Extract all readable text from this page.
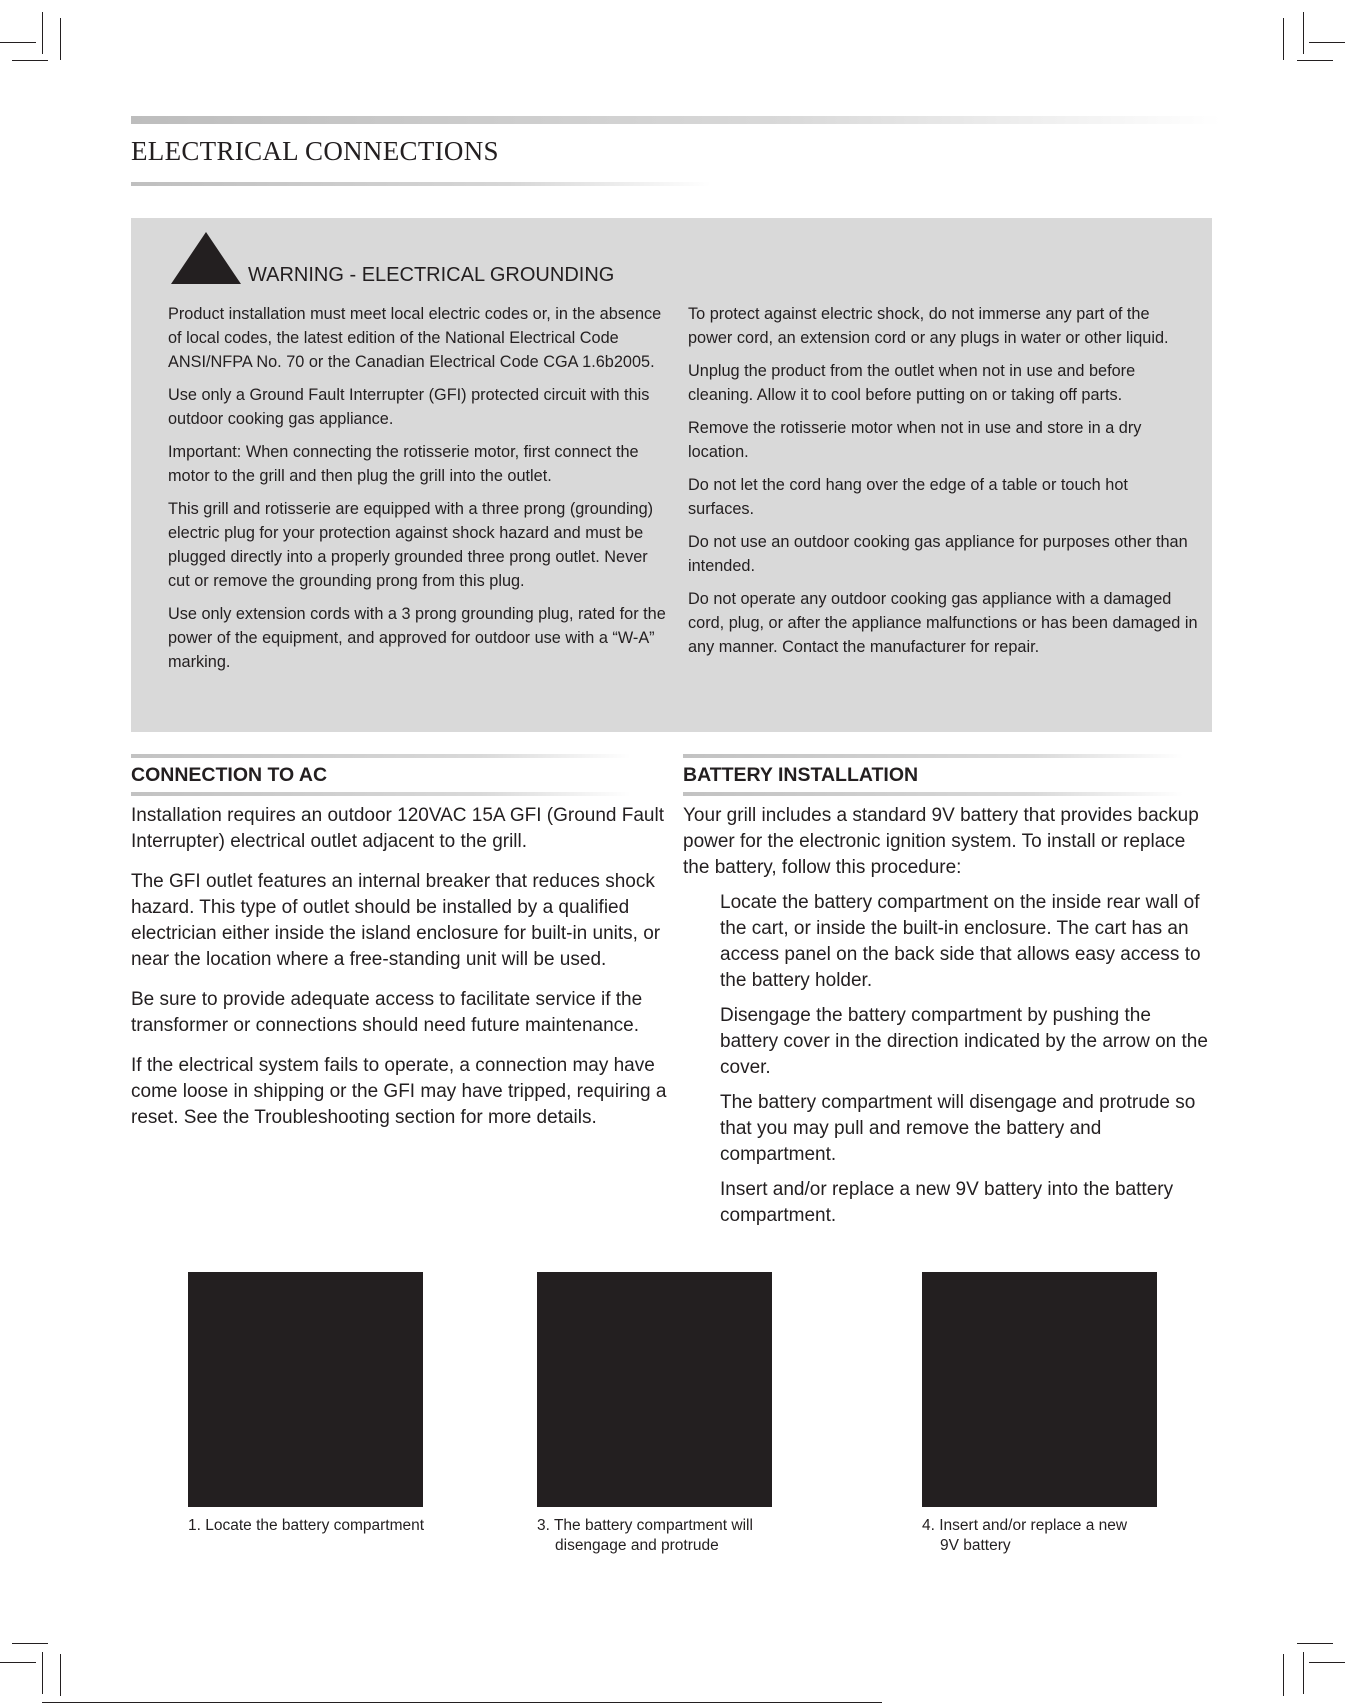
ELECTRICAL CONNECTIONS
WARNING - ELECTRICAL GROUNDING

Product installation must meet local electric codes or, in the absence of local codes, the latest edition of the National Electrical Code ANSI/NFPA No. 70 or the Canadian Electrical Code CGA 1.6b2005.

Use only a Ground Fault Interrupter (GFI) protected circuit with this outdoor cooking gas appliance.

Important: When connecting the rotisserie motor, first connect the motor to the grill and then plug the grill into the outlet.

This grill and rotisserie are equipped with a three prong (grounding) electric plug for your protection against shock hazard and must be plugged directly into a properly grounded three prong outlet. Never cut or remove the grounding prong from this plug.

Use only extension cords with a 3 prong grounding plug, rated for the power of the equipment, and approved for outdoor use with a “W-A” marking.

To protect against electric shock, do not immerse any part of the power cord, an extension cord or any plugs in water or other liquid.

Unplug the product from the outlet when not in use and before cleaning. Allow it to cool before putting on or taking off parts.

Remove the rotisserie motor when not in use and store in a dry location.

Do not let the cord hang over the edge of a table or touch hot surfaces.

Do not use an outdoor cooking gas appliance for purposes other than intended.

Do not operate any outdoor cooking gas appliance with a damaged cord, plug, or after the appliance malfunctions or has been damaged in any manner. Contact the manufacturer for repair.

CONNECTION TO AC

Installation requires an outdoor 120VAC 15A GFI (Ground Fault Interrupter) electrical outlet adjacent to the grill.

The GFI outlet features an internal breaker that reduces shock hazard. This type of outlet should be installed by a qualified electrician either inside the island enclosure for built-in units, or near the location where a free-standing unit will be used.

Be sure to provide adequate access to facilitate service if the transformer or connections should need future maintenance.

If the electrical system fails to operate, a connection may have come loose in shipping or the GFI may have tripped, requiring a reset. See the Troubleshooting section for more details.

BATTERY INSTALLATION

Your grill includes a standard 9V battery that provides backup power for the electronic ignition system. To install or replace the battery, follow this procedure:

Locate the battery compartment on the inside rear wall of the cart, or inside the built-in enclosure. The cart has an access panel on the back side that allows easy access to the battery holder.

Disengage the battery compartment by pushing the battery cover in the direction indicated by the arrow on the cover.

The battery compartment will disengage and protrude so that you may pull and remove the battery and compartment.

Insert and/or replace a new 9V battery into the battery compartment.

1. Locate the battery compartment	3. The battery compartment will
disengage and protrude
4. Insert and/or replace a new
9V battery
